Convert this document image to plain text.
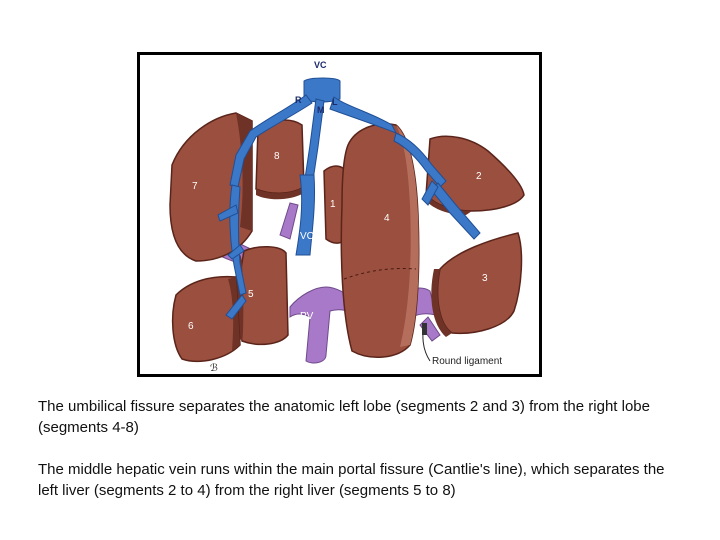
7
8
1
4
2
3
5
6
ℬ
VC
R
M
L
VC
PV
Round ligament

The umbilical fissure separates the anatomic left lobe (segments 2 and 3) from the right lobe (segments 4-8)

The middle hepatic vein runs within the main portal fissure (Cantlie's line), which separates the left liver (segments 2 to 4) from the right liver (segments 5 to 8)
